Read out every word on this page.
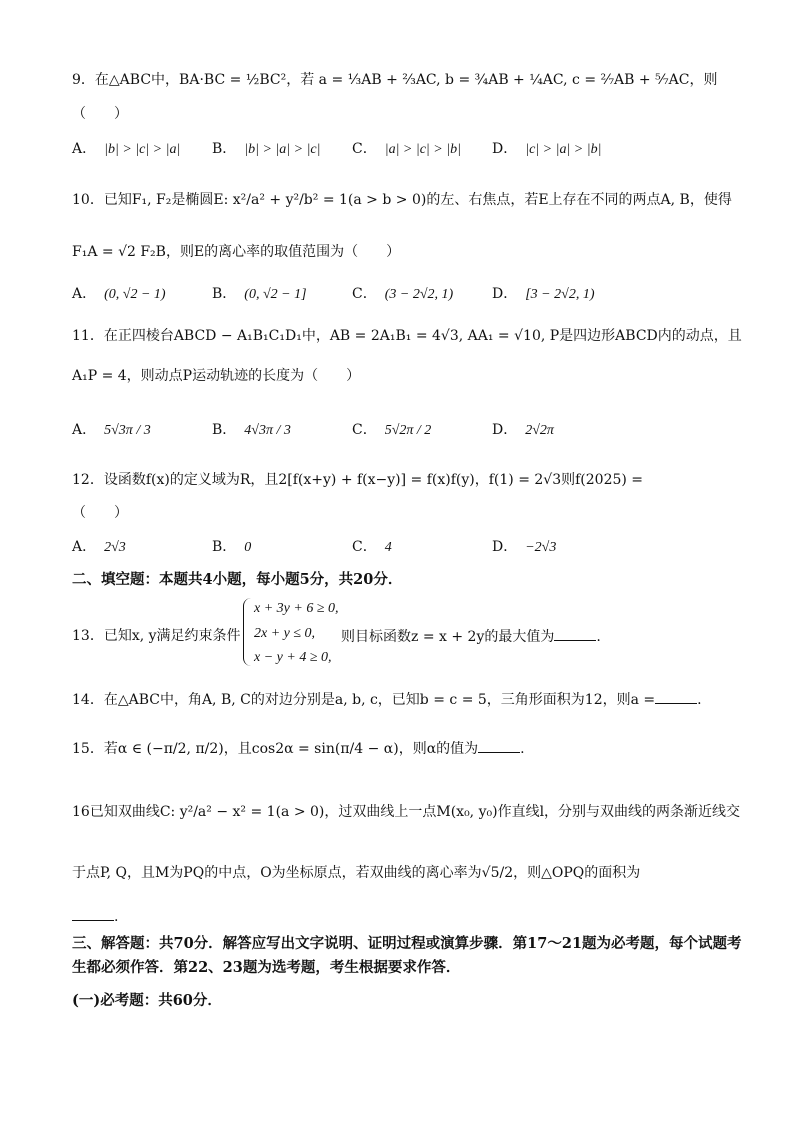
9．在△ABC中，BA·BC = ½BC²，若 a = ⅓AB + ⅔AC, b = ¾AB + ¼AC, c = ²⁄₇AB + ⁵⁄₇AC，则
（　　）
A． |b| > |c| > |a| B． |b| > |a| > |c| C． |a| > |c| > |b| D． |c| > |a| > |b|
10．已知F₁, F₂是椭圆E: x²/a² + y²/b² = 1(a > b > 0)的左、右焦点，若E上存在不同的两点A, B，使得
F₁A = √2 F₂B，则E的离心率的取值范围为（　　）
A． (0, √2 − 1)	B． (0, √2 − 1]	C． (3 − 2√2, 1)	D． [3 − 2√2, 1)
11．在正四棱台ABCD − A₁B₁C₁D₁中，AB = 2A₁B₁ = 4√3, AA₁ = √10, P是四边形ABCD内的动点，且
A₁P = 4，则动点P运动轨迹的长度为（　　）
A． 5√3π / 3	B． 4√3π / 3	C． 5√2π / 2	D． 2√2π
12．设函数f(x)的定义域为R，且2[f(x+y) + f(x−y)] = f(x)f(y)，f(1) = 2√3则f(2025) =
（　　）
A． 2√3	B． 0	C． 4	D． −2√3
二、填空题：本题共4小题，每小题5分，共20分．
13．已知x, y满足约束条件
x + 3y + 6 ≥ 0,
2x + y ≤ 0,
x − y + 4 ≥ 0,
则目标函数z = x + 2y的最大值为	.
14．在△ABC中，角A, B, C的对边分别是a, b, c，已知b = c = 5，三角形面积为12，则a =	.
15．若α ∈ (−π/2, π/2)，且cos2α = sin(π/4 − α)，则α的值为	.
16已知双曲线C: y²/a² − x² = 1(a > 0)，过双曲线上一点M(x₀, y₀)作直线l，分别与双曲线的两条渐近线交
于点P, Q，且M为PQ的中点，O为坐标原点，若双曲线的离心率为√5/2，则△OPQ的面积为
.
三、解答题：共70分．解答应写出文字说明、证明过程或演算步骤．第17～21题为必考题，每个试题考生都必须作答．第22、23题为选考题，考生根据要求作答．
(一)必考题：共60分．
